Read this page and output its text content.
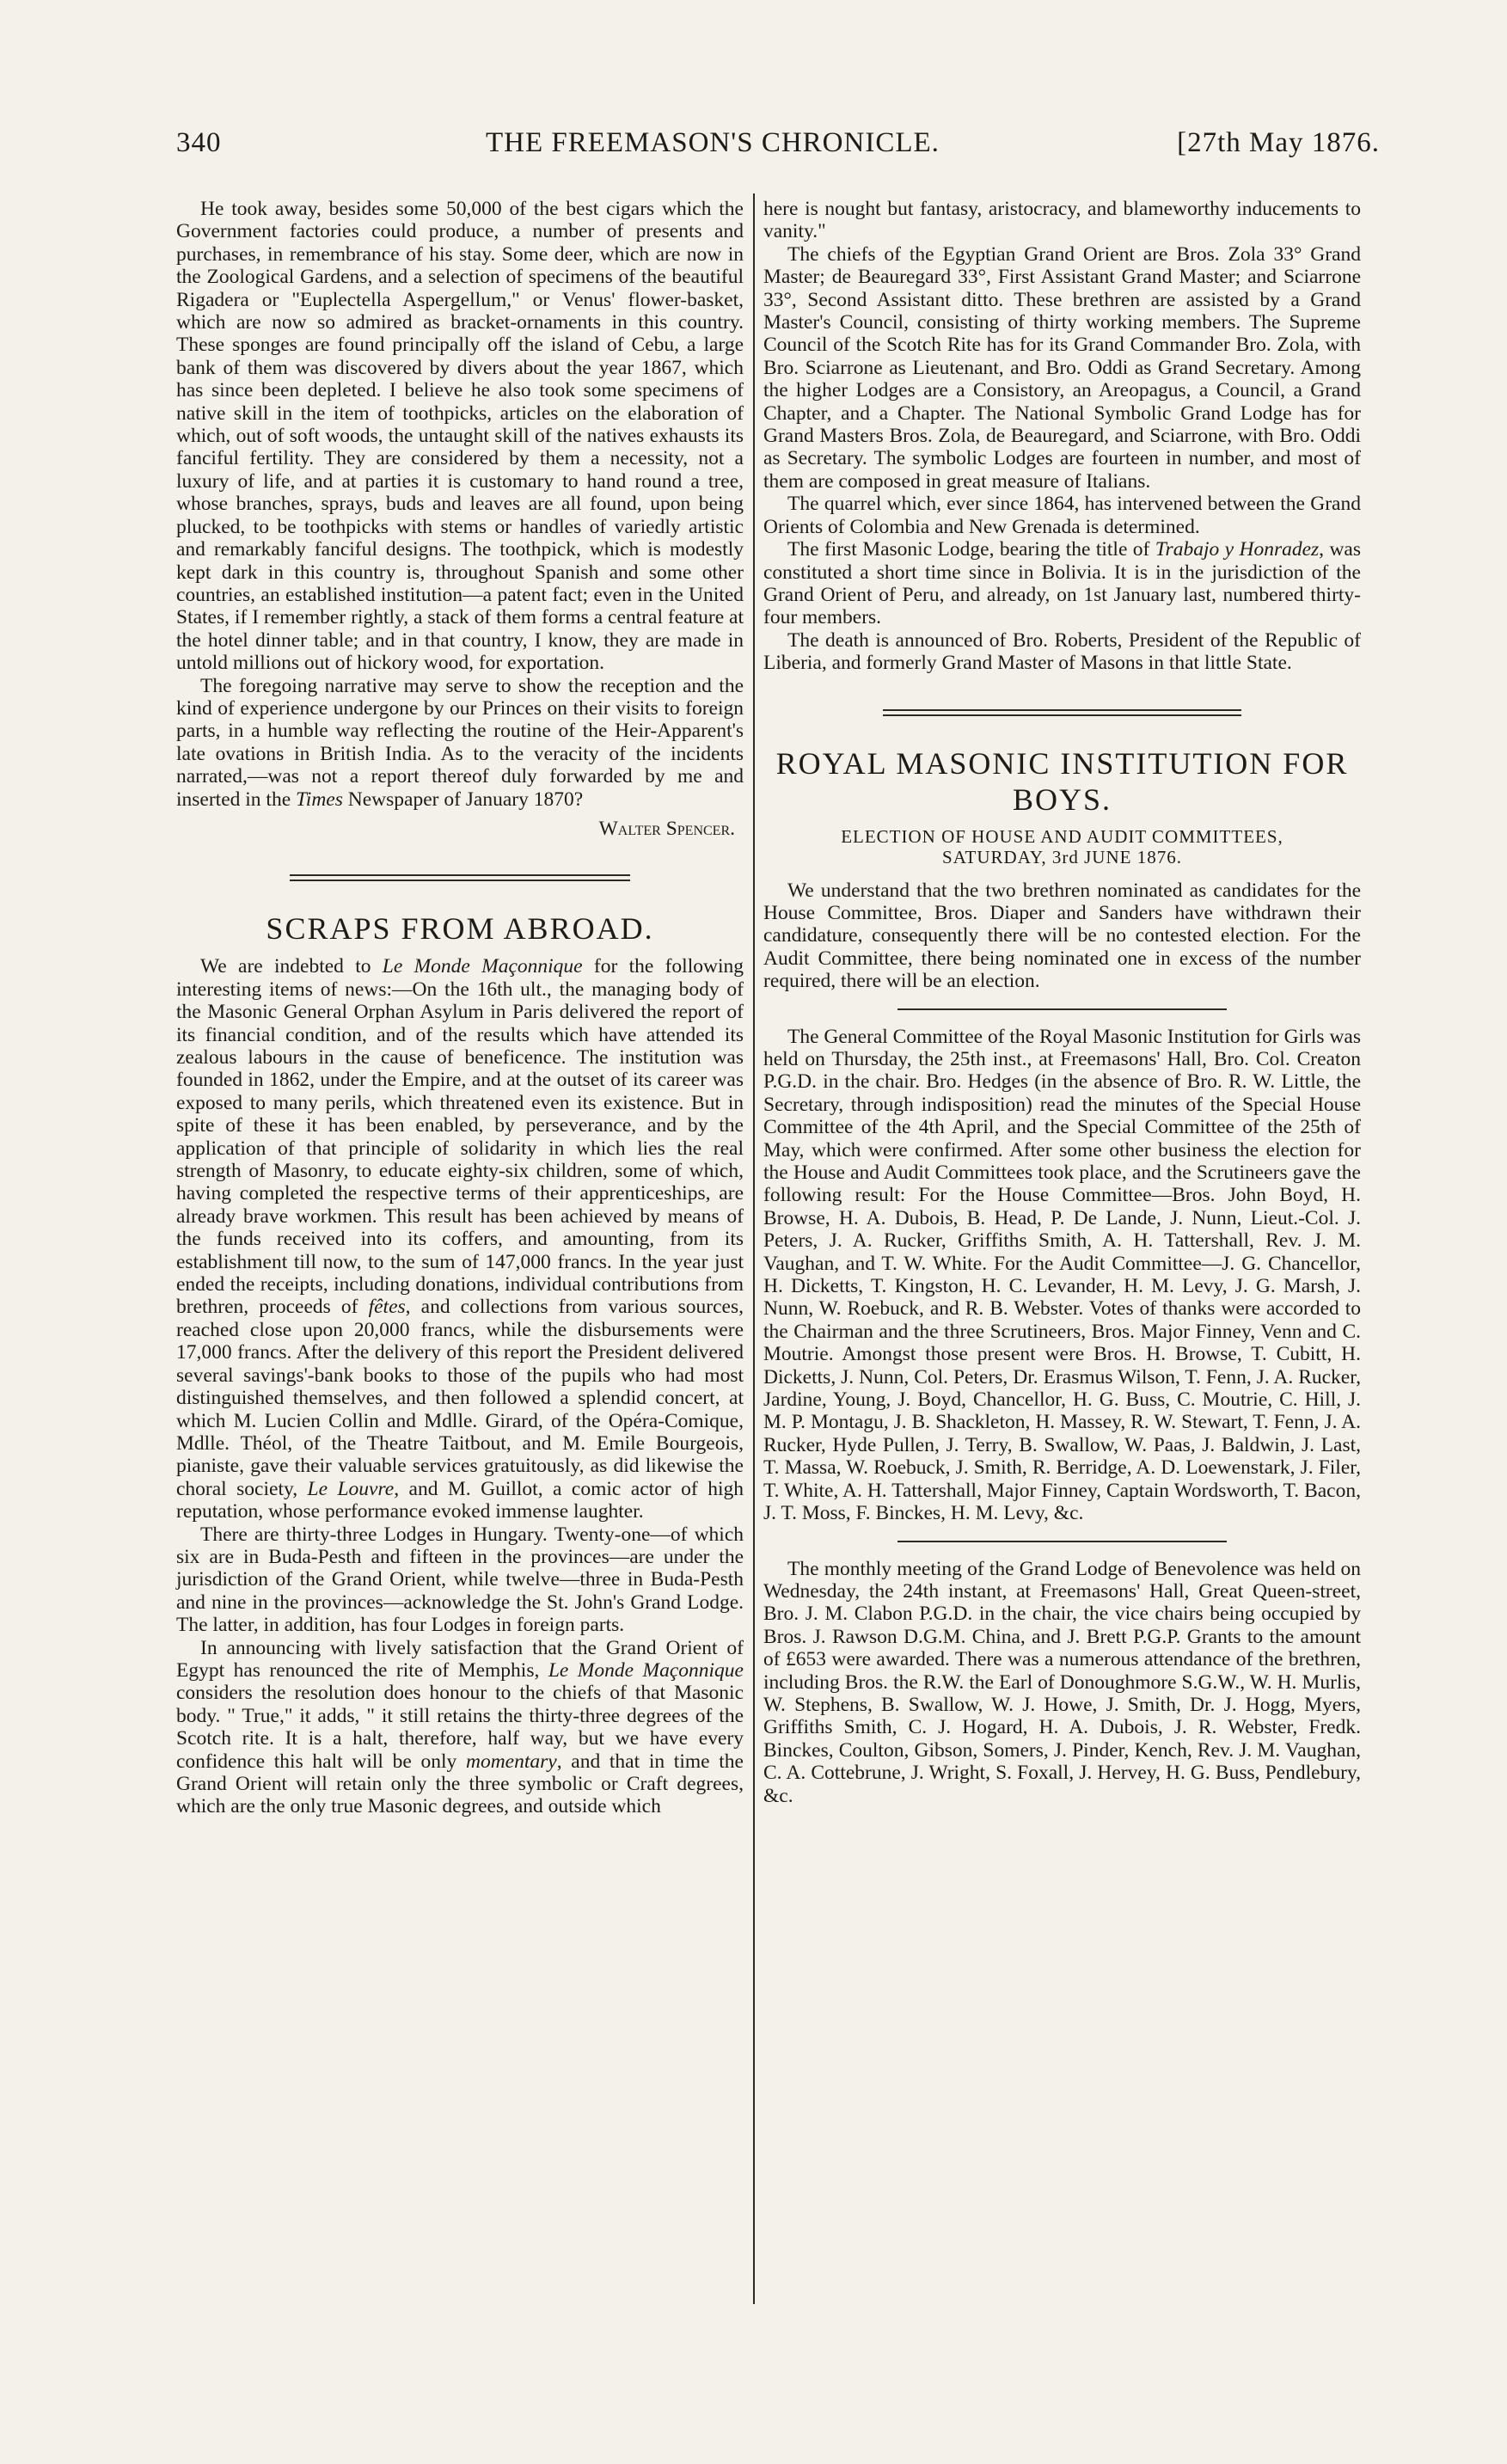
340	THE FREEMASON'S CHRONICLE.	[27th May 1876.

He took away, besides some 50,000 of the best cigars which the Government factories could produce, a number of presents and purchases, in remembrance of his stay. Some deer, which are now in the Zoological Gardens, and a selection of specimens of the beautiful Rigadera or "Euplectella Aspergellum," or Venus' flower-basket, which are now so admired as bracket-ornaments in this country. These sponges are found principally off the island of Cebu, a large bank of them was discovered by divers about the year 1867, which has since been depleted. I believe he also took some specimens of native skill in the item of toothpicks, articles on the elaboration of which, out of soft woods, the untaught skill of the natives exhausts its fanciful fertility. They are considered by them a necessity, not a luxury of life, and at parties it is customary to hand round a tree, whose branches, sprays, buds and leaves are all found, upon being plucked, to be toothpicks with stems or handles of variedly artistic and remarkably fanciful designs. The toothpick, which is modestly kept dark in this country is, throughout Spanish and some other countries, an established institution—a patent fact; even in the United States, if I remember rightly, a stack of them forms a central feature at the hotel dinner table; and in that country, I know, they are made in untold millions out of hickory wood, for exportation.

The foregoing narrative may serve to show the reception and the kind of experience undergone by our Princes on their visits to foreign parts, in a humble way reflecting the routine of the Heir-Apparent's late ovations in British India. As to the veracity of the incidents narrated,—was not a report thereof duly forwarded by me and inserted in the Times Newspaper of January 1870?

Walter Spencer.
SCRAPS FROM ABROAD.

We are indebted to Le Monde Maçonnique for the following interesting items of news:—On the 16th ult., the managing body of the Masonic General Orphan Asylum in Paris delivered the report of its financial condition, and of the results which have attended its zealous labours in the cause of beneficence. The institution was founded in 1862, under the Empire, and at the outset of its career was exposed to many perils, which threatened even its existence. But in spite of these it has been enabled, by perseverance, and by the application of that principle of solidarity in which lies the real strength of Masonry, to educate eighty-six children, some of which, having completed the respective terms of their apprenticeships, are already brave workmen. This result has been achieved by means of the funds received into its coffers, and amounting, from its establishment till now, to the sum of 147,000 francs. In the year just ended the receipts, including donations, individual contributions from brethren, proceeds of fêtes, and collections from various sources, reached close upon 20,000 francs, while the disbursements were 17,000 francs. After the delivery of this report the President delivered several savings'-bank books to those of the pupils who had most distinguished themselves, and then followed a splendid concert, at which M. Lucien Collin and Mdlle. Girard, of the Opéra-Comique, Mdlle. Théol, of the Theatre Taitbout, and M. Emile Bourgeois, pianiste, gave their valuable services gratuitously, as did likewise the choral society, Le Louvre, and M. Guillot, a comic actor of high reputation, whose performance evoked immense laughter.

There are thirty-three Lodges in Hungary. Twenty-one—of which six are in Buda-Pesth and fifteen in the provinces—are under the jurisdiction of the Grand Orient, while twelve—three in Buda-Pesth and nine in the provinces—acknowledge the St. John's Grand Lodge. The latter, in addition, has four Lodges in foreign parts.

In announcing with lively satisfaction that the Grand Orient of Egypt has renounced the rite of Memphis, Le Monde Maçonnique considers the resolution does honour to the chiefs of that Masonic body. " True," it adds, " it still retains the thirty-three degrees of the Scotch rite. It is a halt, therefore, half way, but we have every confidence this halt will be only momentary, and that in time the Grand Orient will retain only the three symbolic or Craft degrees, which are the only true Masonic degrees, and outside which

here is nought but fantasy, aristocracy, and blameworthy inducements to vanity."

The chiefs of the Egyptian Grand Orient are Bros. Zola 33° Grand Master; de Beauregard 33°, First Assistant Grand Master; and Sciarrone 33°, Second Assistant ditto. These brethren are assisted by a Grand Master's Council, consisting of thirty working members. The Supreme Council of the Scotch Rite has for its Grand Commander Bro. Zola, with Bro. Sciarrone as Lieutenant, and Bro. Oddi as Grand Secretary. Among the higher Lodges are a Consistory, an Areopagus, a Council, a Grand Chapter, and a Chapter. The National Symbolic Grand Lodge has for Grand Masters Bros. Zola, de Beauregard, and Sciarrone, with Bro. Oddi as Secretary. The symbolic Lodges are fourteen in number, and most of them are composed in great measure of Italians.

The quarrel which, ever since 1864, has intervened between the Grand Orients of Colombia and New Grenada is determined.

The first Masonic Lodge, bearing the title of Trabajo y Honradez, was constituted a short time since in Bolivia. It is in the jurisdiction of the Grand Orient of Peru, and already, on 1st January last, numbered thirty-four members.

The death is announced of Bro. Roberts, President of the Republic of Liberia, and formerly Grand Master of Masons in that little State.

ROYAL MASONIC INSTITUTION FOR BOYS.
ELECTION OF HOUSE AND AUDIT COMMITTEES,
SATURDAY, 3rd JUNE 1876.

We understand that the two brethren nominated as candidates for the House Committee, Bros. Diaper and Sanders have withdrawn their candidature, consequently there will be no contested election. For the Audit Committee, there being nominated one in excess of the number required, there will be an election.

The General Committee of the Royal Masonic Institution for Girls was held on Thursday, the 25th inst., at Freemasons' Hall, Bro. Col. Creaton P.G.D. in the chair. Bro. Hedges (in the absence of Bro. R. W. Little, the Secretary, through indisposition) read the minutes of the Special House Committee of the 4th April, and the Special Committee of the 25th of May, which were confirmed. After some other business the election for the House and Audit Committees took place, and the Scrutineers gave the following result: For the House Committee—Bros. John Boyd, H. Browse, H. A. Dubois, B. Head, P. De Lande, J. Nunn, Lieut.-Col. J. Peters, J. A. Rucker, Griffiths Smith, A. H. Tattershall, Rev. J. M. Vaughan, and T. W. White. For the Audit Committee—J. G. Chancellor, H. Dicketts, T. Kingston, H. C. Levander, H. M. Levy, J. G. Marsh, J. Nunn, W. Roebuck, and R. B. Webster. Votes of thanks were accorded to the Chairman and the three Scrutineers, Bros. Major Finney, Venn and C. Moutrie. Amongst those present were Bros. H. Browse, T. Cubitt, H. Dicketts, J. Nunn, Col. Peters, Dr. Erasmus Wilson, T. Fenn, J. A. Rucker, Jardine, Young, J. Boyd, Chancellor, H. G. Buss, C. Moutrie, C. Hill, J. M. P. Montagu, J. B. Shackleton, H. Massey, R. W. Stewart, T. Fenn, J. A. Rucker, Hyde Pullen, J. Terry, B. Swallow, W. Paas, J. Baldwin, J. Last, T. Massa, W. Roebuck, J. Smith, R. Berridge, A. D. Loewenstark, J. Filer, T. White, A. H. Tattershall, Major Finney, Captain Wordsworth, T. Bacon, J. T. Moss, F. Binckes, H. M. Levy, &c.

The monthly meeting of the Grand Lodge of Benevolence was held on Wednesday, the 24th instant, at Freemasons' Hall, Great Queen-street, Bro. J. M. Clabon P.G.D. in the chair, the vice chairs being occupied by Bros. J. Rawson D.G.M. China, and J. Brett P.G.P. Grants to the amount of £653 were awarded. There was a numerous attendance of the brethren, including Bros. the R.W. the Earl of Donoughmore S.G.W., W. H. Murlis, W. Stephens, B. Swallow, W. J. Howe, J. Smith, Dr. J. Hogg, Myers, Griffiths Smith, C. J. Hogard, H. A. Dubois, J. R. Webster, Fredk. Binckes, Coulton, Gibson, Somers, J. Pinder, Kench, Rev. J. M. Vaughan, C. A. Cottebrune, J. Wright, S. Foxall, J. Hervey, H. G. Buss, Pendlebury, &c.
